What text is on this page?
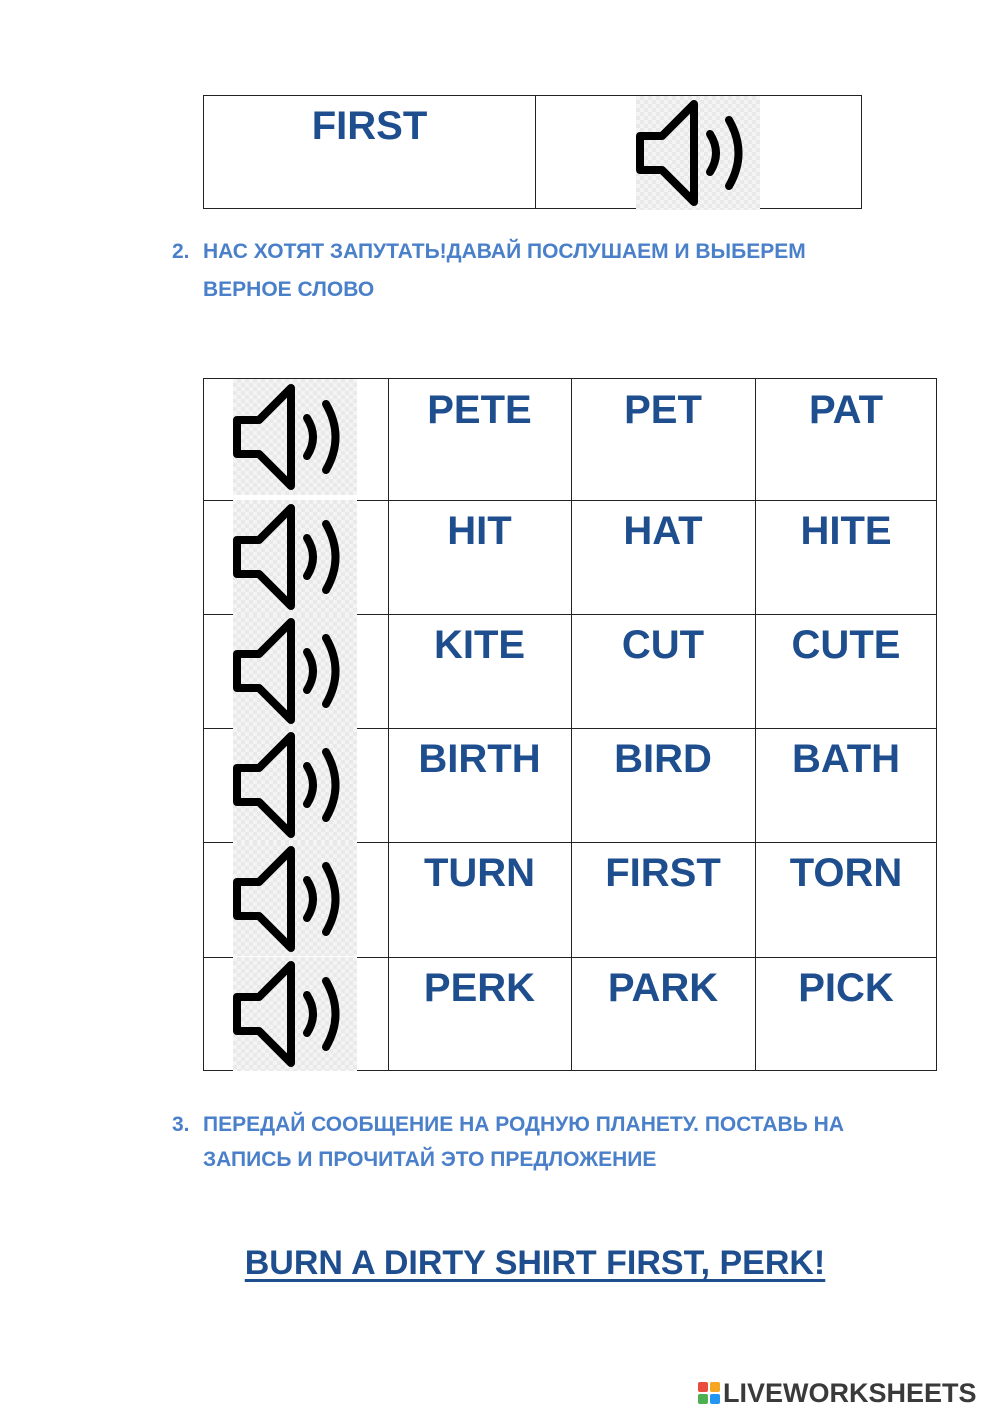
FIRST
2. НАС ХОТЯТ ЗАПУТАТЬ!ДАВАЙ ПОСЛУШАЕМ И ВЫБЕРЕМ
ВЕРНОЕ СЛОВО
PETE	PET	PAT
HIT	HAT	HITE
KITE	CUT	CUTE
BIRTH	BIRD	BATH
TURN	FIRST	TORN
PERK	PARK	PICK
3. ПЕРЕДАЙ СООБЩЕНИЕ НА РОДНУЮ ПЛАНЕТУ. ПОСТАВЬ НА
ЗАПИСЬ И ПРОЧИТАЙ ЭТО ПРЕДЛОЖЕНИЕ
BURN A DIRTY SHIRT FIRST, PERK!
LIVEWORKSHEETS
